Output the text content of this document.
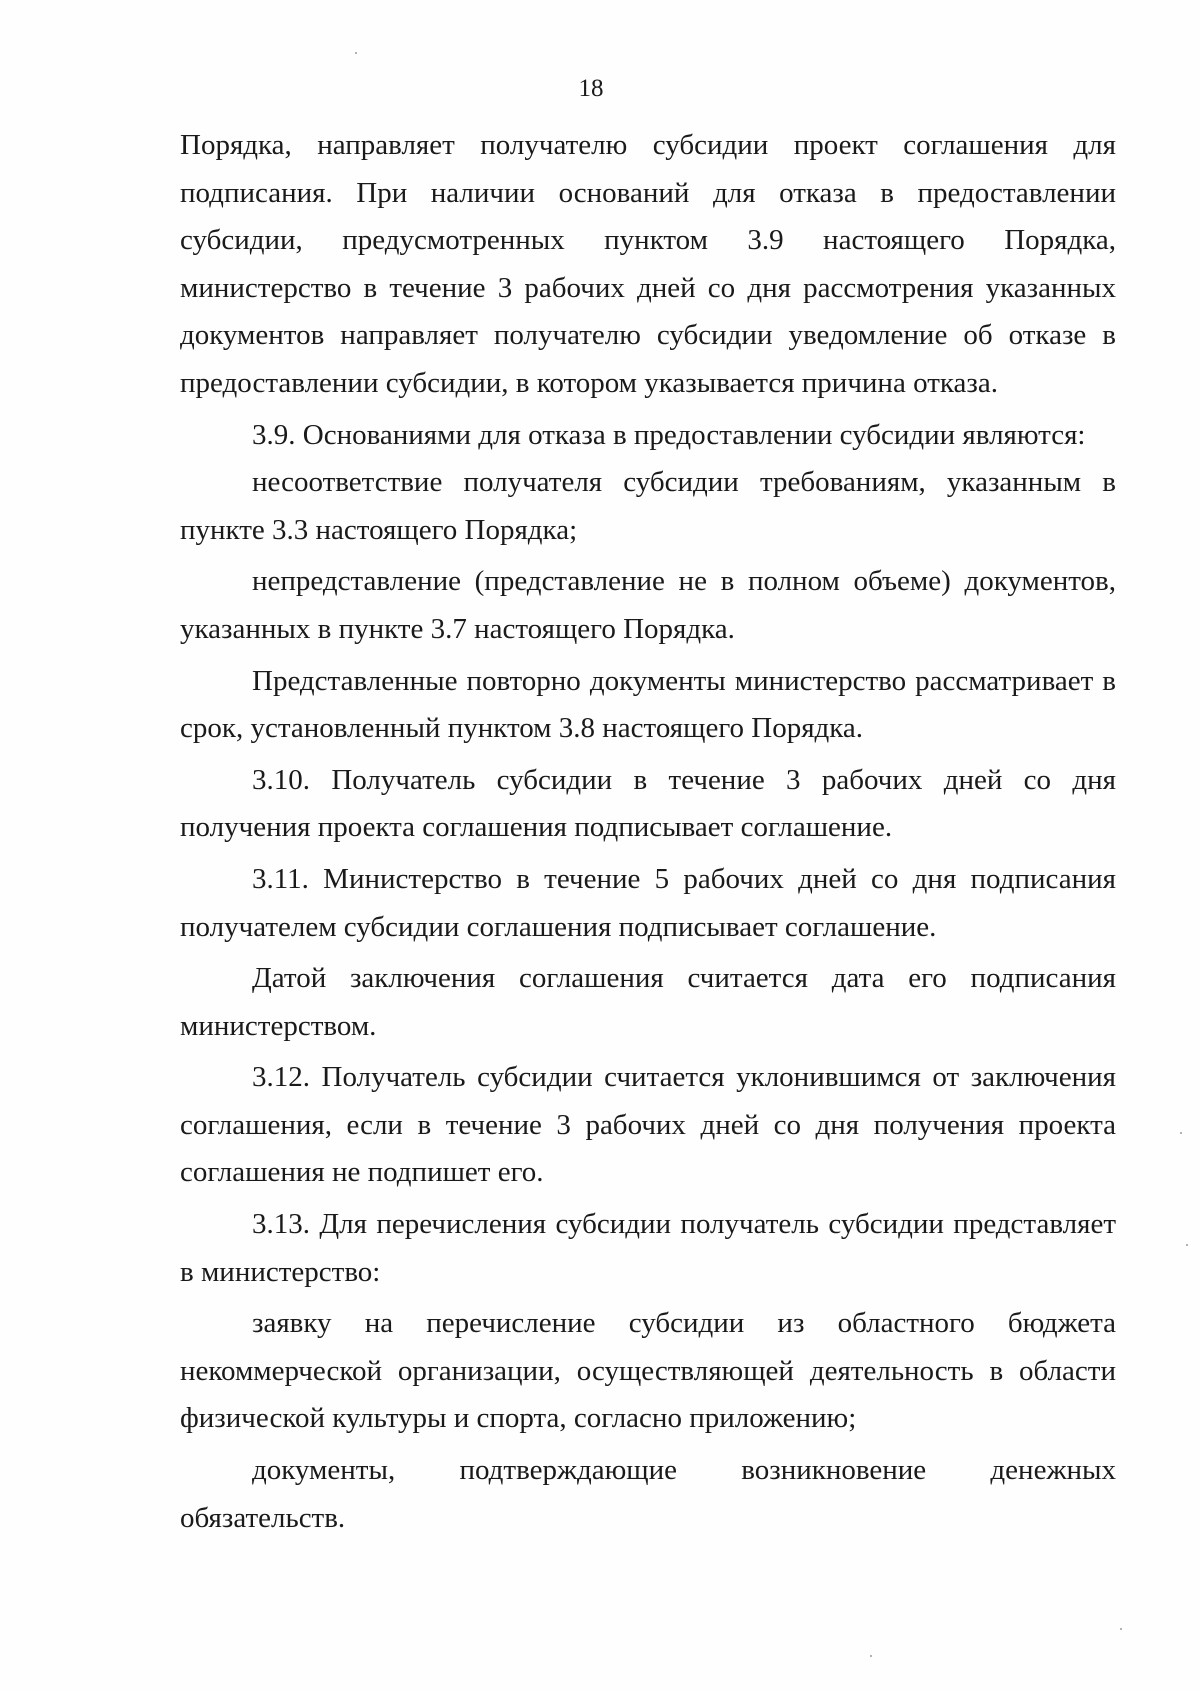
18

Порядка, направляет получателю субсидии проект соглашения для подписания. При наличии оснований для отказа в предоставлении субсидии, предусмотренных пунктом 3.9 настоящего Порядка, министерство в течение 3 рабочих дней со дня рассмотрения указанных документов направляет получателю субсидии уведомление об отказе в предоставлении субсидии, в котором указывается причина отказа.

3.9. Основаниями для отказа в предоставлении субсидии являются:

несоответствие получателя субсидии требованиям, указанным в пункте 3.3 настоящего Порядка;

непредставление (представление не в полном объеме) документов, указанных в пункте 3.7 настоящего Порядка.

Представленные повторно документы министерство рассматривает в срок, установленный пунктом 3.8 настоящего Порядка.

3.10. Получатель субсидии в течение 3 рабочих дней со дня получения проекта соглашения подписывает соглашение.

3.11. Министерство в течение 5 рабочих дней со дня подписания получателем субсидии соглашения подписывает соглашение.

Датой заключения соглашения считается дата его подписания министерством.

3.12. Получатель субсидии считается уклонившимся от заключения соглашения, если в течение 3 рабочих дней со дня получения проекта соглашения не подпишет его.

3.13. Для перечисления субсидии получатель субсидии представляет в министерство:

заявку на перечисление субсидии из областного бюджета некоммерческой организации, осуществляющей деятельность в области физической культуры и спорта, согласно приложению;

документы, подтверждающие возникновение денежных обязательств.
